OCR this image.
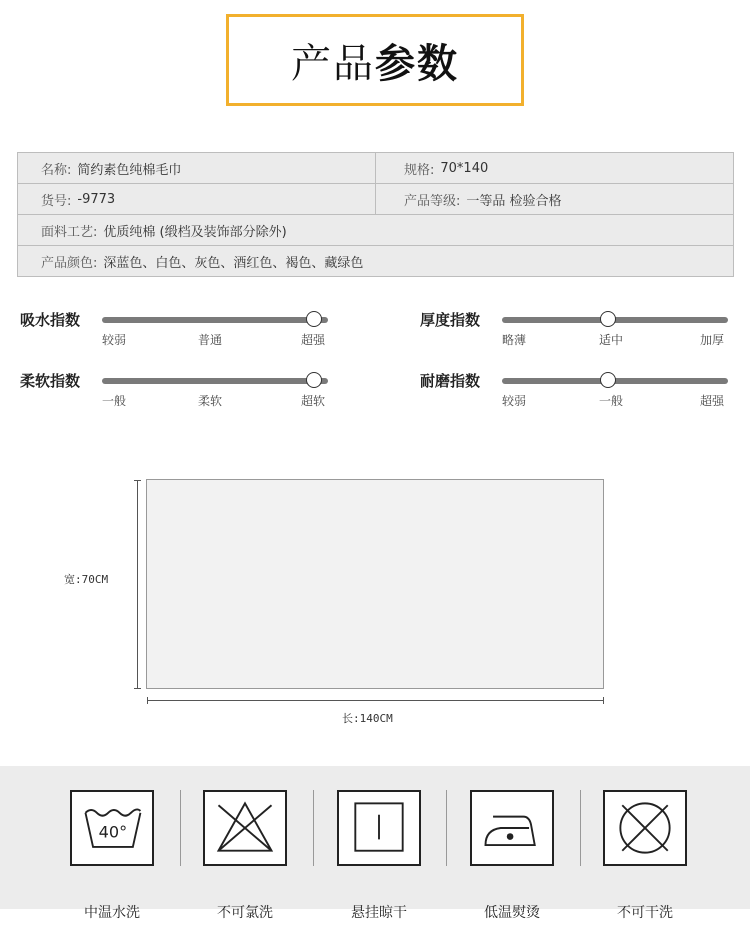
产品 参数
名称: 简约素色纯棉毛巾	规格: 70*140
货号: -9773	产品等级: 一等品 检验合格
面料工艺: 优质纯棉 (缎档及装饰部分除外)
产品颜色: 深蓝色、白色、灰色、酒红色、褐色、藏绿色
吸水指数
较弱	普通	超强
厚度指数
略薄	适中	加厚
柔软指数
一般	柔软	超软
耐磨指数
较弱	一般	超强
宽:70CM
长:140CM
40°
中温水洗	不可氯洗	悬挂晾干	低温熨烫	不可干洗
